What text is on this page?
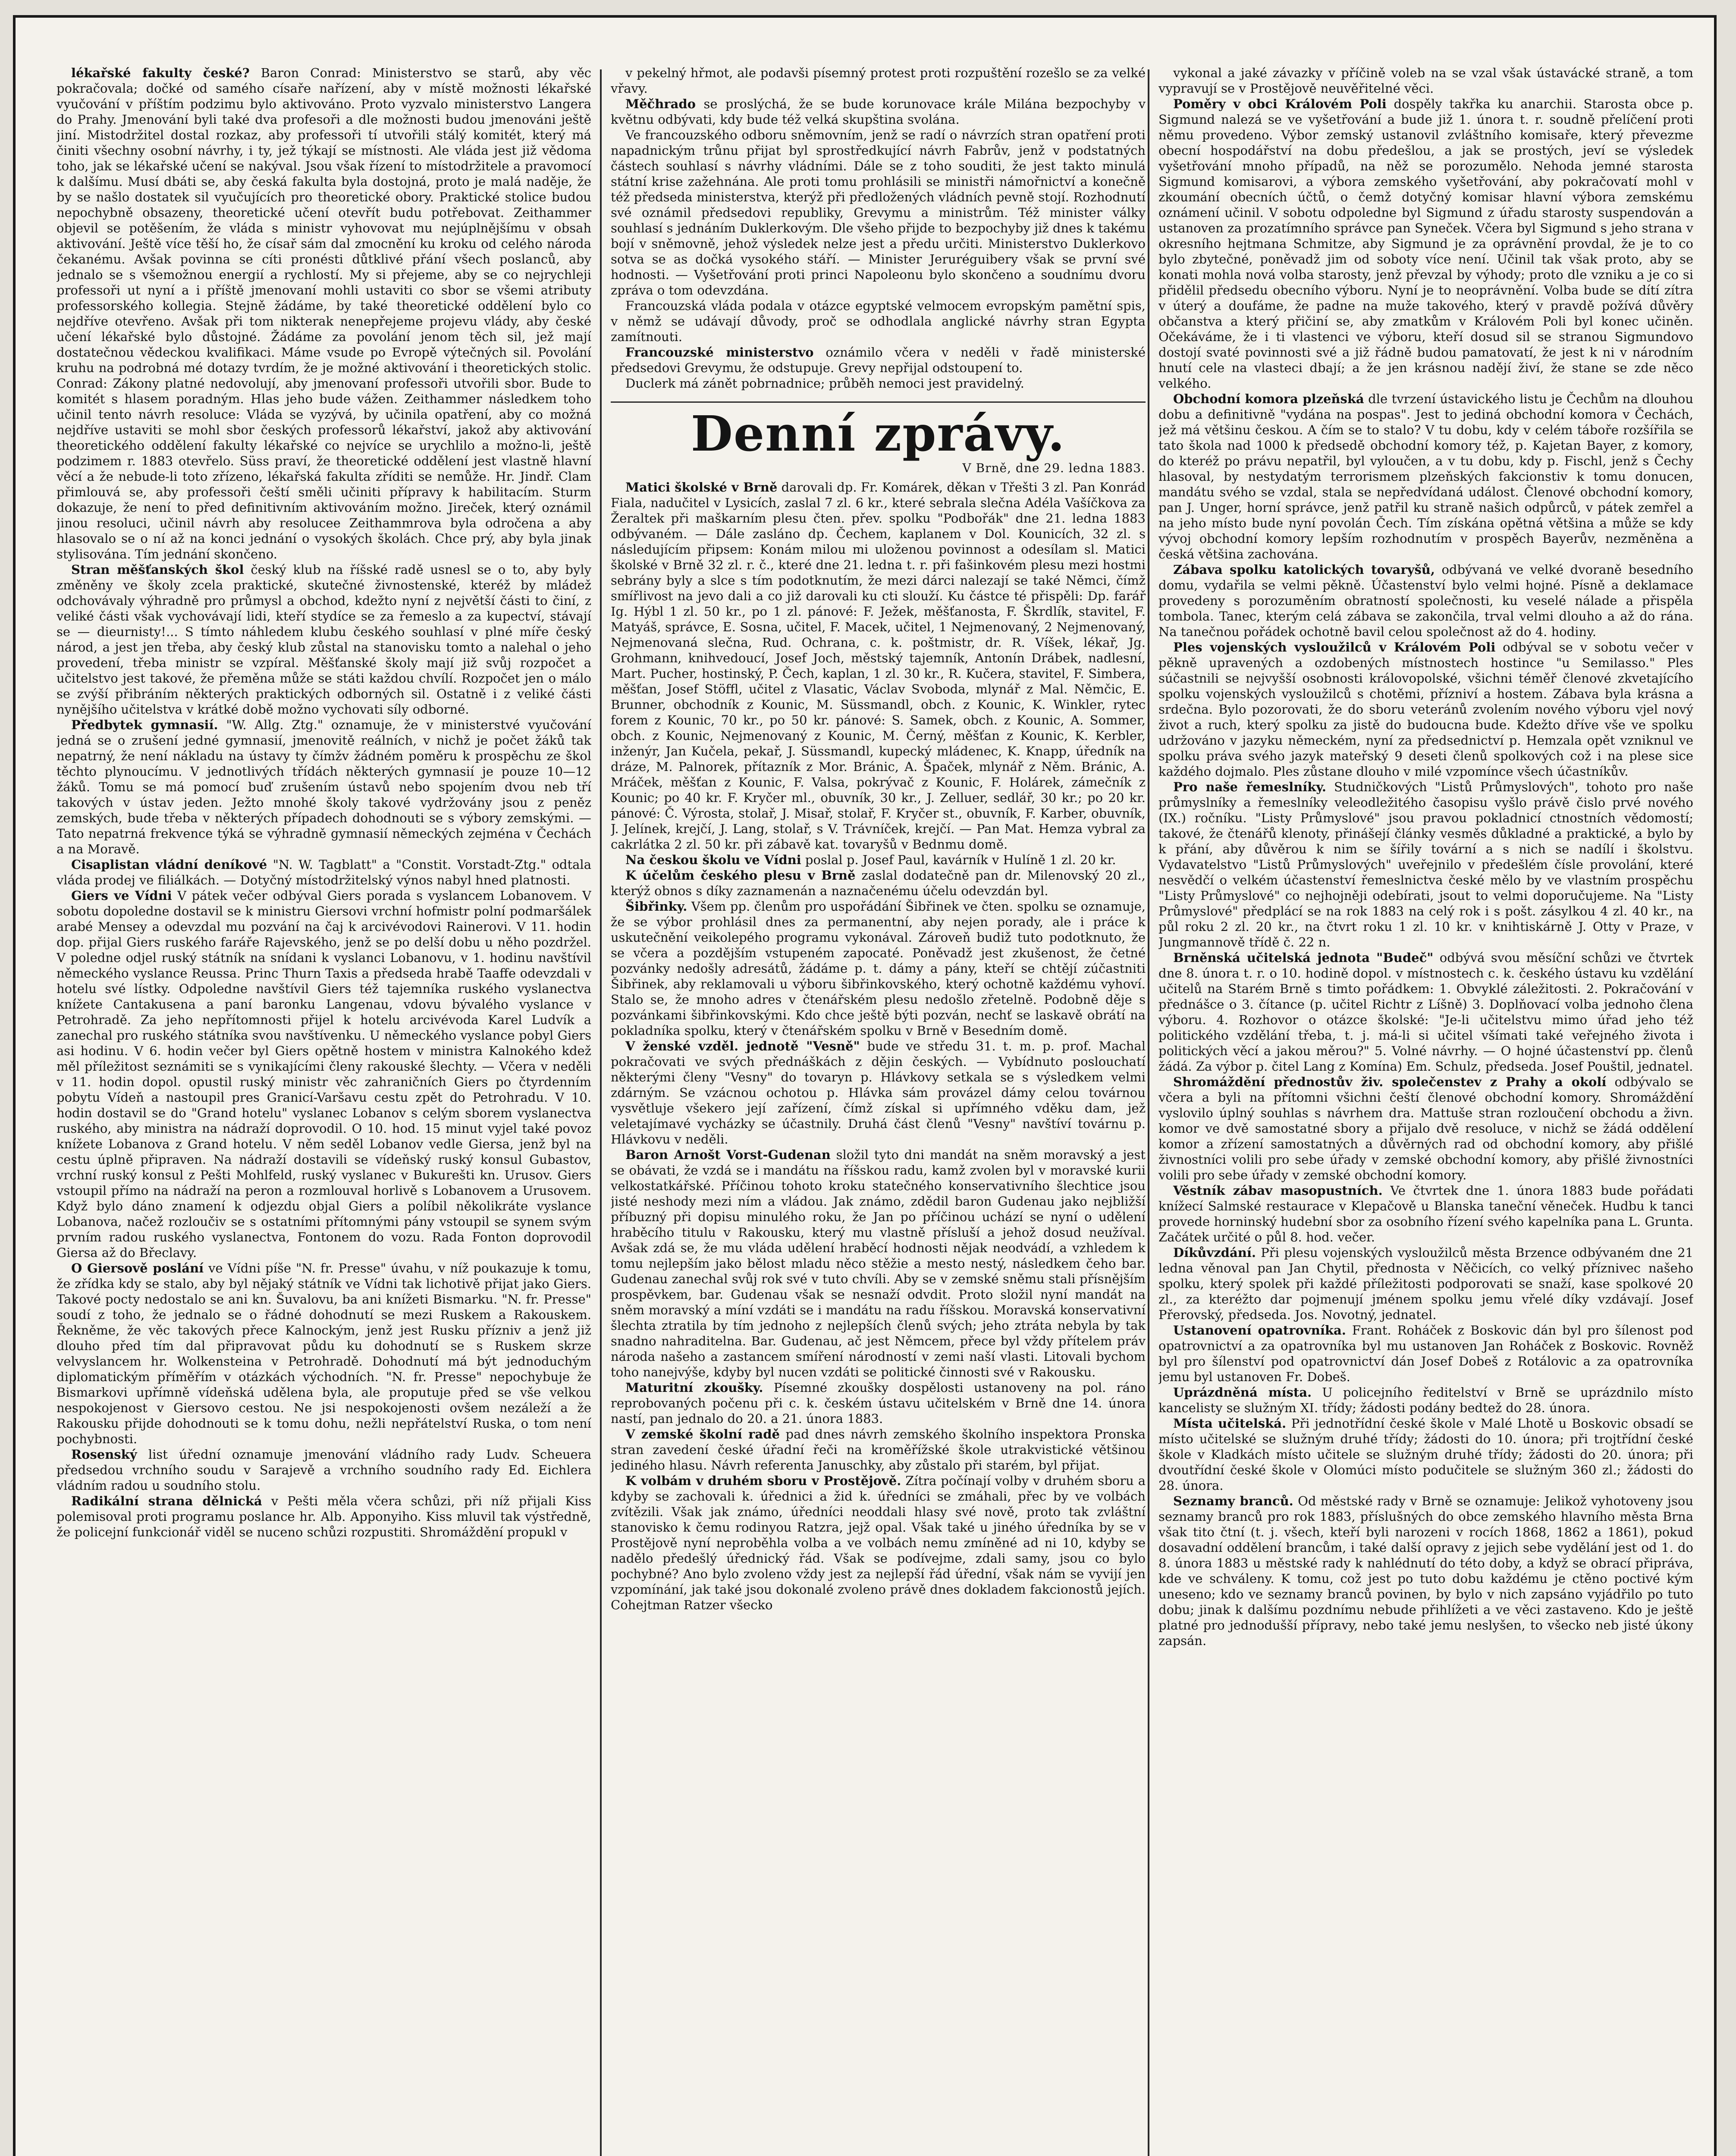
lékařské fakulty české? Baron Conrad: Ministerstvo se starů, aby věc pokračovala; dočké od samého císaře nařízení, aby v místě možnosti lékařské vyučování v příštím podzimu bylo aktivováno. Proto vyzvalo ministerstvo Langera do Prahy. Jmenování byli také dva profesoři a dle možnosti budou jmenováni ještě jiní. Mistodržitel dostal rozkaz, aby professoři tí utvořili stálý komitét, který má činiti všechny osobní návrhy, i ty, jež týkají se místnosti. Ale vláda jest již vědoma toho, jak se lékařské učení se nakýval. Jsou však řízení to místodržitele a pravomocí k dalšímu. Musí dbáti se, aby česká fakulta byla dostojná, proto je malá naděje, že by se našlo dostatek sil vyučujících pro theoretické obory. Praktické stolice budou nepochybně obsazeny, theoretické učení otevřít budu potřebovat. Zeithammer objevil se potěšením, že vláda s ministr vyhovovat mu nejúplnějšímu v obsah aktivování. Ještě více těší ho, že císař sám dal zmocnění ku kroku od celého národa čekanému. Avšak povinna se cíti pronésti důtklivé přání všech poslanců, aby jednalo se s všemožnou energií a rychlostí. My si přejeme, aby se co nejrychleji professoři ut nyní a i příště jmenovaní mohli ustaviti co sbor se všemi atributy professorského kollegia. Stejně žádáme, by také theoretické oddělení bylo co nejdříve otevřeno. Avšak při tom nikterak nenepřejeme projevu vlády, aby české učení lékařské bylo důstojné. Žádáme za povolání jenom těch sil, jež mají dostatečnou vědeckou kvalifikaci. Máme vsude po Evropě výtečných sil. Povolání kruhu na podrobná mé dotazy tvrdím, že je možné aktivování i theoretických stolic. Conrad: Zákony platné nedovolují, aby jmenovaní professoři utvořili sbor. Bude to komitét s hlasem poradným. Hlas jeho bude vážen. Zeithammer následkem toho učinil tento návrh resoluce: Vláda se vyzývá, by učinila opatření, aby co možná nejdříve ustaviti se mohl sbor českých professorů lékařství, jakož aby aktivování theoretického oddělení fakulty lékařské co nejvíce se urychlilo a možno-li, ještě podzimem r. 1883 otevřelo. Süss praví, že theoretické oddělení jest vlastně hlavní věcí a že nebude-li toto zřízeno, lékařská fakulta zříditi se nemůže. Hr. Jindř. Clam přimlouvá se, aby professoři čeští směli učiniti přípravy k habilitacím. Sturm dokazuje, že není to před definitivním aktivováním možno. Jireček, který oznámil jinou resoluci, učinil návrh aby resolucee Zeithammrova byla odročena a aby hlasovalo se o ní až na konci jednání o vysokých školách. Chce prý, aby byla jinak stylisována. Tím jednání skončeno.

Stran měšťanských škol český klub na říšské radě usnesl se o to, aby byly změněny ve školy zcela praktické, skutečné živnostenské, kteréž by mládež odchovávaly výhradně pro průmysl a obchod, kdežto nyní z největší části to činí, z veliké části však vychovávají lidi, kteří stydíce se za řemeslo a za kupectví, stávají se — dieurnisty!... S tímto náhledem klubu českého souhlasí v plné míře český národ, a jest jen třeba, aby český klub zůstal na stanovisku tomto a nalehal o jeho provedení, třeba ministr se vzpíral. Měšťanské školy mají již svůj rozpočet a učitelstvo jest takové, že přeměna může se státi každou chvílí. Rozpočet jen o málo se zvýší přibráním některých praktických odborných sil. Ostatně i z veliké části nynějšího učitelstva v krátké době možno vychovati síly odborné.

Předbytek gymnasií. "W. Allg. Ztg." oznamuje, že v ministerstvé vyučování jedná se o zrušení jedné gymnasií, jmenovitě reálních, v nichž je počet žáků tak nepatrný, že není nákladu na ústavy ty čímžv žádném poměru k prospěchu ze škol těchto plynoucímu. V jednotlivých třídách některých gymnasií je pouze 10—12 žáků. Tomu se má pomocí buď zrušením ústavů nebo spojením dvou neb tří takových v ústav jeden. Ježto mnohé školy takové vydržovány jsou z peněz zemských, bude třeba v některých případech dohodnouti se s výbory zemskými. — Tato nepatrná frekvence týká se výhradně gymnasií německých zejména v Čechách a na Moravě.

Cisaplistan vládní deníkové "N. W. Tagblatt" a "Constit. Vorstadt-Ztg." odtala vláda prodej ve filiálkách. — Dotyčný místodržitelský výnos nabyl hned platnosti.

Giers ve Vídni V pátek večer odbýval Giers porada s vyslancem Lobanovem. V sobotu dopoledne dostavil se k ministru Giersovi vrchní hofmistr polní podmaršálek arabé Mensey a odevzdal mu pozvání na čaj k arcivévodovi Rainerovi. V 11. hodin dop. přijal Giers ruského faráře Rajevského, jenž se po delší dobu u něho pozdržel. V poledne odjel ruský státník na snídani k vyslanci Lobanovu, v 1. hodinu navštívil německého vyslance Reussa. Princ Thurn Taxis a předseda hrabě Taaffe odevzdali v hotelu své lístky. Odpoledne navštívil Giers též tajemníka ruského vyslanectva knížete Cantakusena a paní baronku Langenau, vdovu bývalého vyslance v Petrohradě. Za jeho nepřítomnosti přijel k hotelu arcivévoda Karel Ludvík a zanechal pro ruského státníka svou navštívenku. U německého vyslance pobyl Giers asi hodinu. V 6. hodin večer byl Giers opětně hostem v ministra Kalnokého kdež měl příležitost seznámiti se s vynikajícími členy rakouské šlechty. — Včera v neděli v 11. hodin dopol. opustil ruský ministr věc zahraničních Giers po čtyrdenním pobytu Vídeň a nastoupil pres Granicí-Varšavu cestu zpět do Petrohradu. V 10. hodin dostavil se do "Grand hotelu" vyslanec Lobanov s celým sborem vyslanectva ruského, aby ministra na nádraží doprovodil. O 10. hod. 15 minut vyjel také povoz knížete Lobanova z Grand hotelu. V něm seděl Lobanov vedle Giersa, jenž byl na cestu úplně připraven. Na nádraží dostavili se vídeňský ruský konsul Gubastov, vrchní ruský konsul z Pešti Mohlfeld, ruský vyslanec v Bukurešti kn. Urusov. Giers vstoupil přímo na nádraží na peron a rozmlouval horlivě s Lobanovem a Urusovem. Když bylo dáno znamení k odjezdu objal Giers a políbil několikráte vyslance Lobanova, načež rozloučiv se s ostatními přítomnými pány vstoupil se synem svým prvním radou ruského vyslanectva, Fontonem do vozu. Rada Fonton doprovodil Giersa až do Břeclavy.

O Giersově poslání ve Vídni píše "N. fr. Presse" úvahu, v níž poukazuje k tomu, že zřídka kdy se stalo, aby byl nějaký státník ve Vídni tak lichotivě přijat jako Giers. Takové pocty nedostalo se ani kn. Šuvalovu, ba ani knížeti Bismarku. "N. fr. Presse" soudí z toho, že jednalo se o řádné dohodnutí se mezi Ruskem a Rakouskem. Řekněme, že věc takových přece Kalnockým, jenž jest Rusku přízniv a jenž již dlouho před tím dal připravovat půdu ku dohodnutí se s Ruskem skrze velvyslancem hr. Wolkensteina v Petrohradě. Dohodnutí má být jednoduchým diplomatickým příměřím v otázkách východních. "N. fr. Presse" nepochybuje že Bismarkovi upřímně vídeňská udělena byla, ale proputuje před se vše velkou nespokojenost v Giersovo cestou. Ne jsi nespokojenosti ovšem nezáleží a že Rakousku přijde dohodnouti se k tomu dohu, nežli nepřátelství Ruska, o tom není pochybnosti.

Rosenský list úřední oznamuje jmenování vládního rady Ludv. Scheuera předsedou vrchního soudu v Sarajevě a vrchního soudního rady Ed. Eichlera vládním radou u soudního stolu.

Radikální strana dělnická v Pešti měla včera schůzi, při níž přijali Kiss polemisoval proti programu poslance hr. Alb. Apponyiho. Kiss mluvil tak výstředně, že policejní funkcionář viděl se nuceno schůzi rozpustiti. Shromáždění propukl v

v pekelný hřmot, ale podavši písemný protest proti rozpuštění rozešlo se za velké vřavy.

Měčhrado se proslýchá, že se bude korunovace krále Milána bezpochyby v květnu odbývati, kdy bude též velká skupština svolána.

Ve francouzského odboru sněmovním, jenž se radí o návrzích stran opatření proti napadnickým trůnu přijat byl sprostředkující návrh Fabrův, jenž v podstatných částech souhlasí s návrhy vládními. Dále se z toho souditi, že jest takto minulá státní krise zažehnána. Ale proti tomu prohlásili se ministři námořnictví a konečně též předseda ministerstva, kterýž při předložených vládních pevně stojí. Rozhodnutí své oznámil předsedovi republiky, Grevymu a ministrům. Též minister války souhlasí s jednáním Duklerkovým. Dle všeho přijde to bezpochyby již dnes k takému bojí v sněmovně, jehož výsledek nelze jest a předu určiti. Ministerstvo Duklerkovo sotva se as dočká vysokého stáří. — Minister Jeruréguibery však se první své hodnosti. — Vyšetřování proti princi Napoleonu bylo skončeno a soudnímu dvoru zpráva o tom odevzdána.

Francouzská vláda podala v otázce egyptské velmocem evropským pamětní spis, v němž se udávají důvody, proč se odhodlala anglické návrhy stran Egypta zamítnouti.

Francouzské ministerstvo oznámilo včera v neděli v řadě ministerské předsedovi Grevymu, že odstupuje. Grevy nepřijal odstoupení to.

Duclerk má zánět pobrnadnice; průběh nemoci jest pravidelný.

Denní zprávy.
V Brně, dne 29. ledna 1883.

Matici školské v Brně darovali dp. Fr. Komárek, děkan v Třešti 3 zl. Pan Konrád Fiala, nadučitel v Lysicích, zaslal 7 zl. 6 kr., které sebrala slečna Adéla Vašíčkova za Žeraltek při maškarním plesu čten. přev. spolku "Podbořák" dne 21. ledna 1883 odbývaném. — Dále zasláno dp. Čechem, kaplanem v Dol. Kounicích, 32 zl. s následujícím připsem: Konám milou mi uloženou povinnost a odesílam sl. Matici školské v Brně 32 zl. r. č., které dne 21. ledna t. r. při fašinkovém plesu mezi hostmi sebrány byly a slce s tím podotknutím, že mezi dárci nalezají se také Němci, čímž smířlivost na jevo dali a co již darovali ku cti slouží. Ku částce té přispěli: Dp. farář Ig. Hýbl 1 zl. 50 kr., po 1 zl. pánové: F. Ježek, měšťanosta, F. Škrdlík, stavitel, F. Matyáš, správce, E. Sosna, učitel, F. Macek, učitel, 1 Nejmenovaný, 2 Nejmenovaný, Nejmenovaná slečna, Rud. Ochrana, c. k. poštmistr, dr. R. Víšek, lékař, Jg. Grohmann, knihvedoucí, Josef Joch, městský tajemník, Antonín Drábek, nadlesní, Mart. Pucher, hostinský, P. Čech, kaplan, 1 zl. 30 kr., R. Kučera, stavitel, F. Simbera, měšťan, Josef Stöffl, učitel z Vlasatic, Václav Svoboda, mlynář z Mal. Němčic, E. Brunner, obchodník z Kounic, M. Süssmandl, obch. z Kounic, K. Winkler, rytec forem z Kounic, 70 kr., po 50 kr. pánové: S. Samek, obch. z Kounic, A. Sommer, obch. z Kounic, Nejmenovaný z Kounic, M. Černý, měšťan z Kounic, K. Kerbler, inženýr, Jan Kučela, pekař, J. Süssmandl, kupecký mládenec, K. Knapp, úředník na dráze, M. Palnorek, přítazník z Mor. Bránic, A. Špaček, mlynář z Něm. Bránic, A. Mráček, měšťan z Kounic, F. Valsa, pokrývač z Kounic, F. Holárek, zámečník z Kounic; po 40 kr. F. Kryčer ml., obuvník, 30 kr., J. Zelluer, sedlář, 30 kr.; po 20 kr. pánové: Č. Výrosta, stolař, J. Misař, stolař, F. Kryčer st., obuvník, F. Karber, obuvník, J. Jelínek, krejčí, J. Lang, stolař, s V. Trávníček, krejčí. — Pan Mat. Hemza vybral za cakrlátka 2 zl. 50 kr. při zábavě kat. tovaryšů v Bednmu domě.

Na českou školu ve Vídni poslal p. Josef Paul, kavárník v Hulíně 1 zl. 20 kr.

K účelům českého plesu v Brně zaslal dodatečně pan dr. Milenovský 20 zl., kterýž obnos s díky zaznamenán a naznačenému účelu odevzdán byl.

Šibřinky. Všem pp. členům pro uspořádání Šibřinek ve čten. spolku se oznamuje, že se výbor prohlásil dnes za permanentní, aby nejen porady, ale i práce k uskutečnění veikolepého programu vykonával. Zároveň budiž tuto podotknuto, že se včera a pozdějším vstupeném zapocaté. Poněvadž jest zkušenost, že četné pozvánky nedošly adresátů, žádáme p. t. dámy a pány, kteří se chtějí zúčastniti Šibřinek, aby reklamovali u výboru šibřinkovského, který ochotně každému vyhoví. Stalo se, že mnoho adres v čtenářském plesu nedošlo zřetelně. Podobně děje s pozvánkami šibřinkovskými. Kdo chce ještě býti pozván, nechť se laskavě obrátí na pokladníka spolku, který v čtenářském spolku v Brně v Besedním domě.

V ženské vzděl. jednotě "Vesně" bude ve středu 31. t. m. p. prof. Machal pokračovati ve svých přednáškách z dějin českých. — Vybídnuto poslouchatí některými členy "Vesny" do tovaryn p. Hlávkovy setkala se s výsledkem velmi zdárným. Se vzácnou ochotou p. Hlávka sám provázel dámy celou továrnou vysvětluje všekero její zařízení, čímž získal si upřímného vděku dam, jež veletajímavé vycházky se účastnily. Druhá část členů "Vesny" navštíví továrnu p. Hlávkovu v neděli.

Baron Arnošt Vorst-Gudenan složil tyto dni mandát na sněm moravský a jest se obávati, že vzdá se i mandátu na říšskou radu, kamž zvolen byl v moravské kurii velkostatkářské. Příčinou tohoto kroku statečného konservativního šlechtice jsou jisté neshody mezi ním a vládou. Jak známo, zdědil baron Gudenau jako nejbližší příbuzný při dopisu minulého roku, že Jan po příčinou uchází se nyní o udělení hraběcího titulu v Rakousku, který mu vlastně přísluší a jehož dosud neužíval. Avšak zdá se, že mu vláda udělení hraběcí hodnosti nějak neodvádí, a vzhledem k tomu nejlepším jako bělost mladu něco stěžie a mesto nestý, následkem čeho bar. Gudenau zanechal svůj rok své v tuto chvíli. Aby se v zemské sněmu stali přísnějším prospěvkem, bar. Gudenau však se nesnaží odvdit. Proto složil nyní mandát na sněm moravský a míní vzdáti se i mandátu na radu říšskou. Moravská konservativní šlechta ztratila by tím jednoho z nejlepších členů svých; jeho ztráta nebyla by tak snadno nahraditelna. Bar. Gudenau, ač jest Němcem, přece byl vždy přítelem práv národa našeho a zastancem smíření národností v zemi naší vlasti. Litovali bychom toho nanejvýše, kdyby byl nucen vzdáti se politické činnosti své v Rakousku.

Maturitní zkoušky. Písemné zkoušky dospělosti ustanoveny na pol. ráno reprobovaných počenu při c. k. českém ústavu učitelském v Brně dne 14. února nastí, pan jednalo do 20. a 21. února 1883.

V zemské školní radě pad dnes návrh zemského školního inspektora Pronska stran zavedení české úřadní řeči na kroměřížské škole utrakvistické většinou jediného hlasu. Návrh referenta Januschky, aby zůstalo při starém, byl přijat.

K volbám v druhém sboru v Prostějově. Zítra počínají volby v druhém sboru a kdyby se zachovali k. úřednici a žid k. úředníci se zmáhali, přec by ve volbách zvítězili. Však jak známo, úředníci neoddali hlasy své nově, proto tak zvláštní stanovisko k čemu rodinyou Ratzra, jejž opal. Však také u jiného úředníka by se v Prostějově nyní neproběhla volba a ve volbách nemu zmíněné ad ni 10, kdyby se nadělo předešlý úřednický řád. Však se podívejme, zdali samy, jsou co bylo pochybné? Ano bylo zvoleno vždy jest za nejlepší řád úřední, však nám se vyvijí jen vzpomínání, jak také jsou dokonalé zvoleno právě dnes dokladem fakcionostů jejích. Cohejtman Ratzer všecko

vykonal a jaké závazky v příčině voleb na se vzal však ústavácké straně, a tom vypravují se v Prostějově neuvěřitelné věci.

Poměry v obci Královém Poli dospěly takřka ku anarchii. Starosta obce p. Sigmund nalezá se ve vyšetřování a bude již 1. února t. r. soudně přelíčení proti němu provedeno. Výbor zemský ustanovil zvláštního komisaře, který převezme obecní hospodářství na dobu předešlou, a jak se prostých, jeví se výsledek vyšetřování mnoho případů, na něž se porozumělo. Nehoda jemné starosta Sigmund komisarovi, a výbora zemského vyšetřování, aby pokračovatí mohl v zkoumání obecních účtů, o čemž dotyčný komisar hlavní výbora zemskému oznámení učinil. V sobotu odpoledne byl Sigmund z úřadu starosty suspendován a ustanoven za prozatímního správce pan Syneček. Včera byl Sigmund s jeho strana v okresního hejtmana Schmitze, aby Sigmund je za oprávnění provdal, že je to co bylo zbytečné, poněvadž jim od soboty více není. Učinil tak však proto, aby se konati mohla nová volba starosty, jenž převzal by výhody; proto dle vzniku a je co si přidělil předsedu obecního výboru. Nyní je to neoprávnění. Volba bude se dítí zítra v úterý a doufáme, že padne na muže takového, který v pravdě požívá důvěry občanstva a který přičiní se, aby zmatkům v Královém Poli byl konec učiněn. Očekáváme, že i ti vlastenci ve výboru, kteří dosud sil se stranou Sigmundovo dostojí svaté povinnosti své a již řádně budou pamatovatí, že jest k ni v národním hnutí cele na vlasteci dbají; a že jen krásnou nadějí živí, že stane se zde něco velkého.

Obchodní komora plzeňská dle tvrzení ústavického listu je Čechům na dlouhou dobu a definitivně "vydána na pospas". Jest to jediná obchodní komora v Čechách, jež má většinu českou. A čím se to stalo? V tu dobu, kdy v celém táboře rozšířila se tato škola nad 1000 k předsedě obchodní komory též, p. Kajetan Bayer, z komory, do kteréž po právu nepatřil, byl vyloučen, a v tu dobu, kdy p. Fischl, jenž s Čechy hlasoval, by nestydatým terrorismem plzeňských fakcionstiv k tomu donucen, mandátu svého se vzdal, stala se nepředvídaná událost. Členové obchodní komory, pan J. Unger, horní správce, jenž patřil ku straně našich odpůrců, v pátek zemřel a na jeho místo bude nyní povolán Čech. Tím získána opětná většina a může se kdy vývoj obchodní komory lepším rozhodnutím v prospěch Bayerův, nezměněna a česká většina zachována.

Zábava spolku katolických tovaryšů, odbývaná ve velké dvoraně besedního domu, vydařila se velmi pěkně. Účastenství bylo velmi hojné. Písně a deklamace provedeny s porozuměním obratností společnosti, ku veselé nálade a přispěla tombola. Tanec, kterým celá zábava se zakončila, trval velmi dlouho a až do rána. Na tanečnou pořádek ochotně bavil celou společnost až do 4. hodiny.

Ples vojenských vysloužilců v Královém Poli odbýval se v sobotu večer v pěkně upravených a ozdobených místnostech hostince "u Semilasso." Ples súčastnili se nejvyšší osobnosti královopolské, všichni téměř členové zkvetajícího spolku vojenských vysloužilců s chotěmi, přízniví a hostem. Zábava byla krásna a srdečna. Bylo pozorovati, že do sboru veteránů zvolením nového výboru vjel nový život a ruch, který spolku za jistě do budoucna bude. Kdežto dříve vše ve spolku udržováno v jazyku německém, nyní za předsednictví p. Hemzala opět vzniknul ve spolku práva svého jazyk mateřský 9 deseti členů spolkových což i na plese sice každého dojmalo. Ples zůstane dlouho v milé vzpomínce všech účastníkův.

Pro naše řemeslníky. Studničkových "Listů Průmyslových", tohoto pro naše průmyslníky a řemeslníky veleodležitého časopisu vyšlo právě čislo prvé nového (IX.) ročníku. "Listy Průmyslové" jsou pravou pokladnicí ctnostních vědomostí; takové, že čtenářů klenoty, přinášejí články vesměs důkladné a praktické, a bylo by k přání, aby důvěrou k nim se šířily tovární a s nich se nadílí i školstvu. Vydavatelstvo "Listů Průmyslových" uveřejnilo v předešlém čísle provolání, které nesvědčí o velkém účastenství řemeslnictva české mělo by ve vlastním prospěchu "Listy Průmyslové" co nejhojněji odebírati, jsout to velmi doporučujeme. Na "Listy Průmyslové" předplácí se na rok 1883 na celý rok i s pošt. zásylkou 4 zl. 40 kr., na půl roku 2 zl. 20 kr., na čtvrt roku 1 zl. 10 kr. v knihtiskárně J. Otty v Praze, v Jungmannově třídě č. 22 n.

Brněnská učitelská jednota "Budeč" odbývá svou měsíční schůzi ve čtvrtek dne 8. února t. r. o 10. hodině dopol. v místnostech c. k. českého ústavu ku vzdělání učitelů na Starém Brně s timto pořádkem: 1. Obvyklé záležitosti. 2. Pokračování v přednášce o 3. čítance (p. učitel Richtr z Líšně) 3. Doplňovací volba jednoho člena výboru. 4. Rozhovor o otázce školské: "Je-li učitelstvu mimo úřad jeho též politického vzdělání třeba, t. j. má-li si učitel všímati také veřejného života i politických věcí a jakou měrou?" 5. Volné návrhy. — O hojné účastenství pp. členů žádá. Za výbor p. čitel Lang z Komína) Em. Schulz, předseda. Josef Pouštil, jednatel.

Shromáždění přednostův živ. společenstev z Prahy a okolí odbývalo se včera a byli na přítomni všichni čeští členové obchodní komory. Shromáždění vyslovilo úplný souhlas s návrhem dra. Mattuše stran rozloučení obchodu a živn. komor ve dvě samostatné sbory a přijalo dvě resoluce, v nichž se žádá oddělení komor a zřízení samostatných a důvěrných rad od obchodní komory, aby přišlé živnostníci volili pro sebe úřady v zemské obchodní komory, aby přišlé živnostníci volili pro sebe úřady v zemské obchodní komory.

Věstník zábav masopustních. Ve čtvrtek dne 1. února 1883 bude pořádati knížecí Salmské restaurace v Klepačově u Blanska taneční věneček. Hudbu k tanci provede horninský hudební sbor za osobního řízení svého kapelníka pana L. Grunta. Začátek určité o půl 8. hod. večer.

Díkůvzdání. Při plesu vojenských vysloužilců města Brzence odbývaném dne 21 ledna věnoval pan Jan Chytil, přednosta v Něčicích, co velký příznivec našeho spolku, který spolek při každé příležitosti podporovati se snaží, kase spolkové 20 zl., za kteréžto dar pojmenují jménem spolku jemu vřelé díky vzdávají. Josef Přerovský, předseda. Jos. Novotný, jednatel.

Ustanovení opatrovníka. Frant. Roháček z Boskovic dán byl pro šílenost pod opatrovnictví a za opatrovníka byl mu ustanoven Jan Roháček z Boskovic. Rovněž byl pro šílenství pod opatrovnictví dán Josef Dobeš z Rotálovic a za opatrovníka jemu byl ustanoven Fr. Dobeš.

Uprázdněná místa. U policejního ředitelství v Brně se uprázdnilo místo kancelisty se služným XI. třídy; žádosti podány bedtež do 28. února.

Místa učitelská. Při jednotřídní české škole v Malé Lhotě u Boskovic obsadí se místo učitelské se služným druhé třídy; žádosti do 10. února; při trojtřídní české škole v Kladkách místo učitele se služným druhé třídy; žádosti do 20. února; při dvoutřídní české škole v Olomúci místo podučitele se služným 360 zl.; žádosti do 28. února.

Seznamy branců. Od městské rady v Brně se oznamuje: Jelikož vyhotoveny jsou seznamy branců pro rok 1883, příslušných do obce zemského hlavního města Brna však tito čtní (t. j. všech, kteří byli narozeni v rocích 1868, 1862 a 1861), pokud dosavadní oddělení brancům, i také další opravy z jejich sebe vydělání jest od 1. do 8. února 1883 u městské rady k nahlédnutí do této doby, a když se obrací připráva, kde ve schváleny. K tomu, což jest po tuto dobu každému je ctěno poctivé kým uneseno; kdo ve seznamy branců povinen, by bylo v nich zapsáno vyjádřilo po tuto dobu; jinak k dalšímu pozdnímu nebude přihlížeti a ve věci zastaveno. Kdo je ještě platné pro jednodušší přípravy, nebo také jemu neslyšen, to všecko neb jisté úkony zapsán.
